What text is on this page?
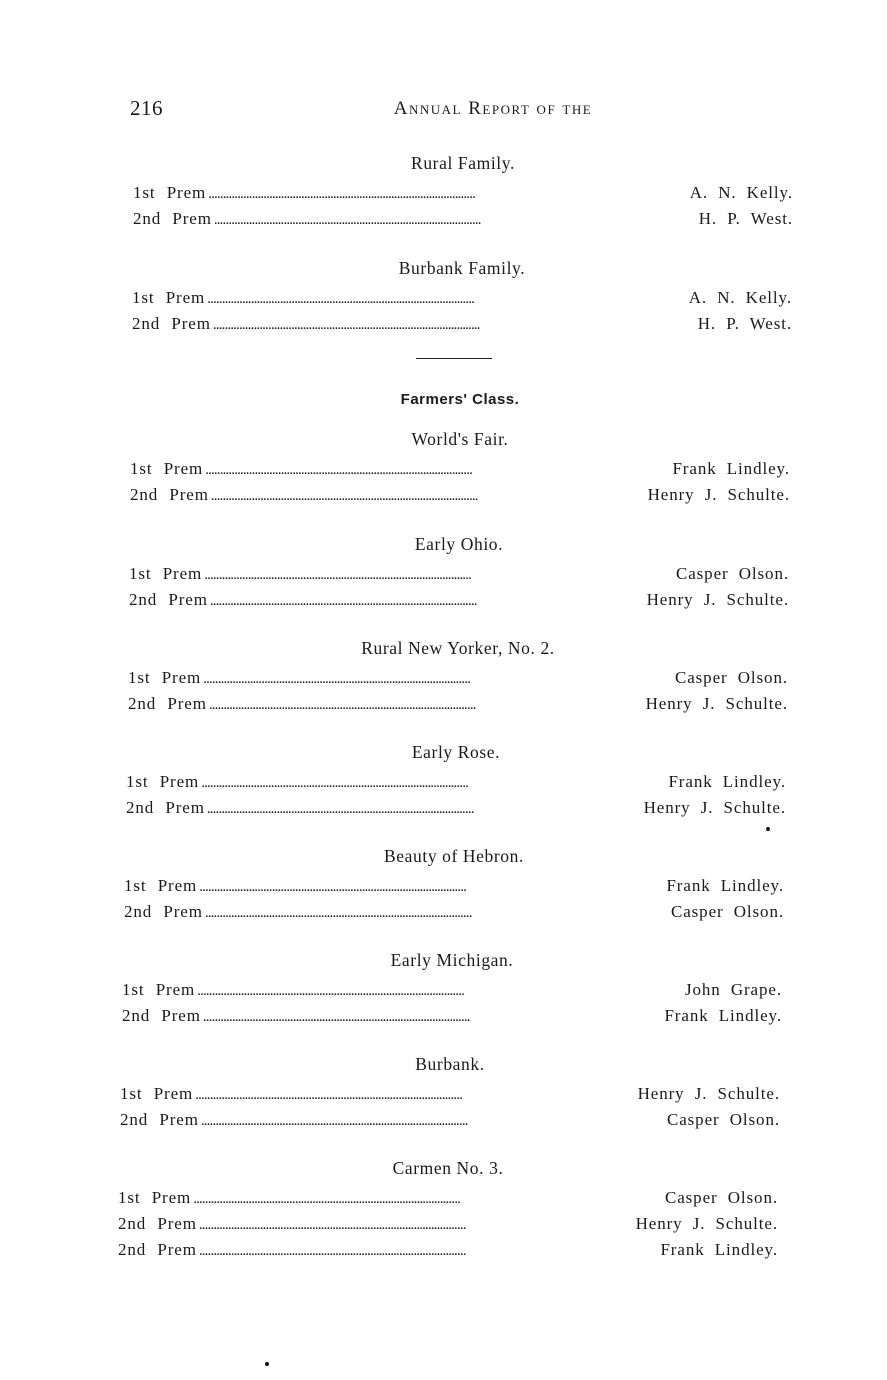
216	Annual Report of the
Rural Family.
1st Prem . . .	A. N. Kelly.
2nd Prem . . .	H. P. West.
Burbank Family.
1st Prem . . .	A. N. Kelly.
2nd Prem . . .	H. P. West.
Farmers' Class.
World's Fair.
1st Prem . . .	Frank Lindley.
2nd Prem . . .	Henry J. Schulte.
Early Ohio.
1st Prem . . .	Casper Olson.
2nd Prem . . .	Henry J. Schulte.
Rural New Yorker, No. 2.
1st Prem . . .	Casper Olson.
2nd Prem . . .	Henry J. Schulte.
Early Rose.
1st Prem . . .	Frank Lindley.
2nd Prem . . .	Henry J. Schulte.
Beauty of Hebron.
1st Prem . . .	Frank Lindley.
2nd Prem . . .	Casper Olson.
Early Michigan.
1st Prem . . .	John Grape.
2nd Prem . . .	Frank Lindley.
Burbank.
1st Prem . . .	Henry J. Schulte.
2nd Prem . . .	Casper Olson.
Carmen No. 3.
1st Prem . . .	Casper Olson.
2nd Prem . . .	Henry J. Schulte.
2nd Prem . . .	Frank Lindley.
